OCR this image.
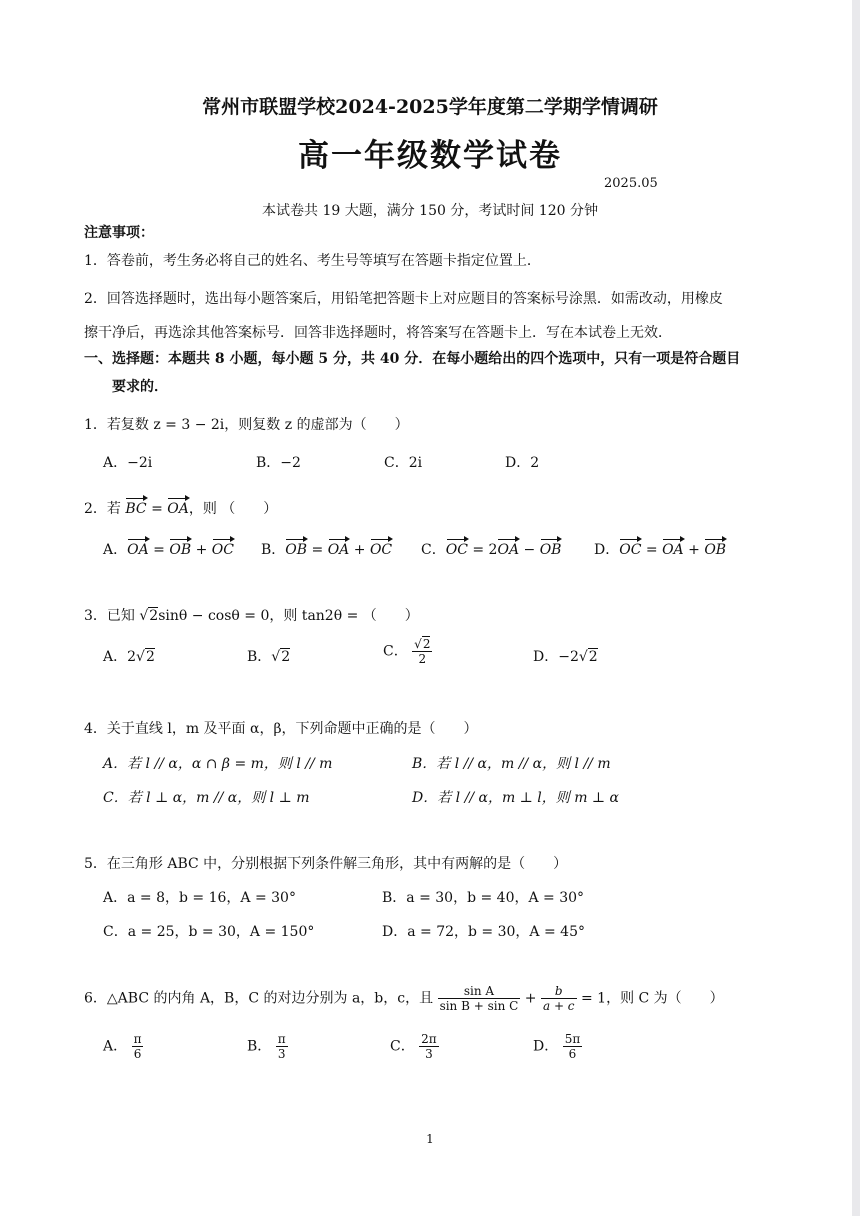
常州市联盟学校2024-2025学年度第二学期学情调研
高一年级数学试卷
2025.05
本试卷共 19 大题，满分 150 分，考试时间 120 分钟
注意事项：
1．答卷前，考生务必将自己的姓名、考生号等填写在答题卡指定位置上．
2．回答选择题时，选出每小题答案后，用铅笔把答题卡上对应题目的答案标号涂黑．如需改动，用橡皮
擦干净后，再选涂其他答案标号．回答非选择题时，将答案写在答题卡上．写在本试卷上无效．
一、选择题：本题共 8 小题，每小题 5 分，共 40 分．在每小题给出的四个选项中，只有一项是符合题目
要求的．
1．若复数 z = 3 − 2i，则复数 z 的虚部为（　　）
A．−2i	B．−2	C．2i	D．2
2．若 BC = OA，则 （　　）
A．OA = OB + OC B．OB = OA + OC C．OC = 2OA − OB D．OC = OA + OB
3．已知 √2sinθ − cosθ = 0，则 tan2θ = （　　）
A．2√2	B．√2	C． $\frac{√2}{2}$	D．−2√2
4．关于直线 l，m 及平面 α，β，下列命题中正确的是（　　）
A．若 l // α，α ∩ β = m，则 l // m	B．若 l // α，m // α，则 l // m
C．若 l ⊥ α，m // α，则 l ⊥ m	D．若 l // α，m ⊥ l，则 m ⊥ α
5．在三角形 ABC 中，分别根据下列条件解三角形，其中有两解的是（　　）
A．a = 8，b = 16，A = 30°	B．a = 30，b = 40，A = 30°
C．a = 25，b = 30，A = 150°	D．a = 72，b = 30，A = 45°
6．△ABC 的内角 A，B，C 的对边分别为 a，b，c，且 $\frac{\text{sin A}}{\text{sin B + sin C}} + \frac{b}{a + c} = 1$，则 C 为（　　）
A． $\frac{\pi}{6}$	B． $\frac{\pi}{3}$	C． $\frac{2\pi}{3}$	D． $\frac{5\pi}{6}$
1
